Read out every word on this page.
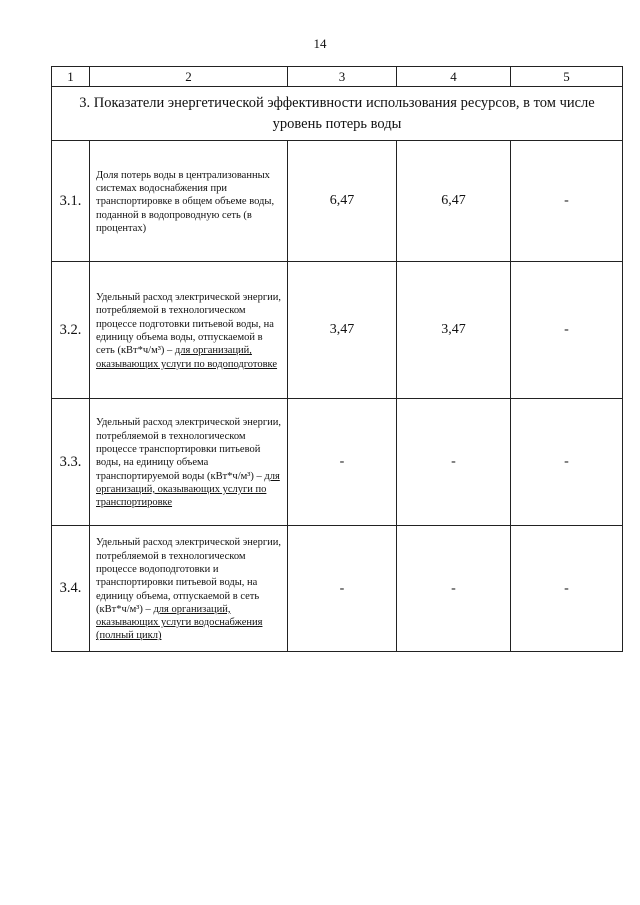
14
1	2	3	4	5
3. Показатели энергетической эффективности использования ресурсов, в том числе уровень потерь воды				
3.1.	Доля потерь воды в централизованных системах водоснабжения при транспортировке в общем объеме воды, поданной в водопроводную сеть (в процентах)	6,47	6,47	-
3.2.	Удельный расход электрической энергии, потребляемой в технологическом процессе подготовки питьевой воды, на единицу объема воды, отпускаемой в сеть (кВт*ч/м³) – для организаций, оказывающих услуги по водоподготовке	3,47	3,47	-
3.3.	Удельный расход электрической энергии, потребляемой в технологическом процессе транспортировки питьевой воды, на единицу объема транспортируемой воды (кВт*ч/м³) – для организаций, оказывающих услуги по транспортировке	-	-	-
3.4.	Удельный расход электрической энергии, потребляемой в технологическом процессе водоподготовки и транспортировки питьевой воды, на единицу объема, отпускаемой в сеть (кВт*ч/м³) – для организаций, оказывающих услуги водоснабжения (полный цикл)	-	-	-
